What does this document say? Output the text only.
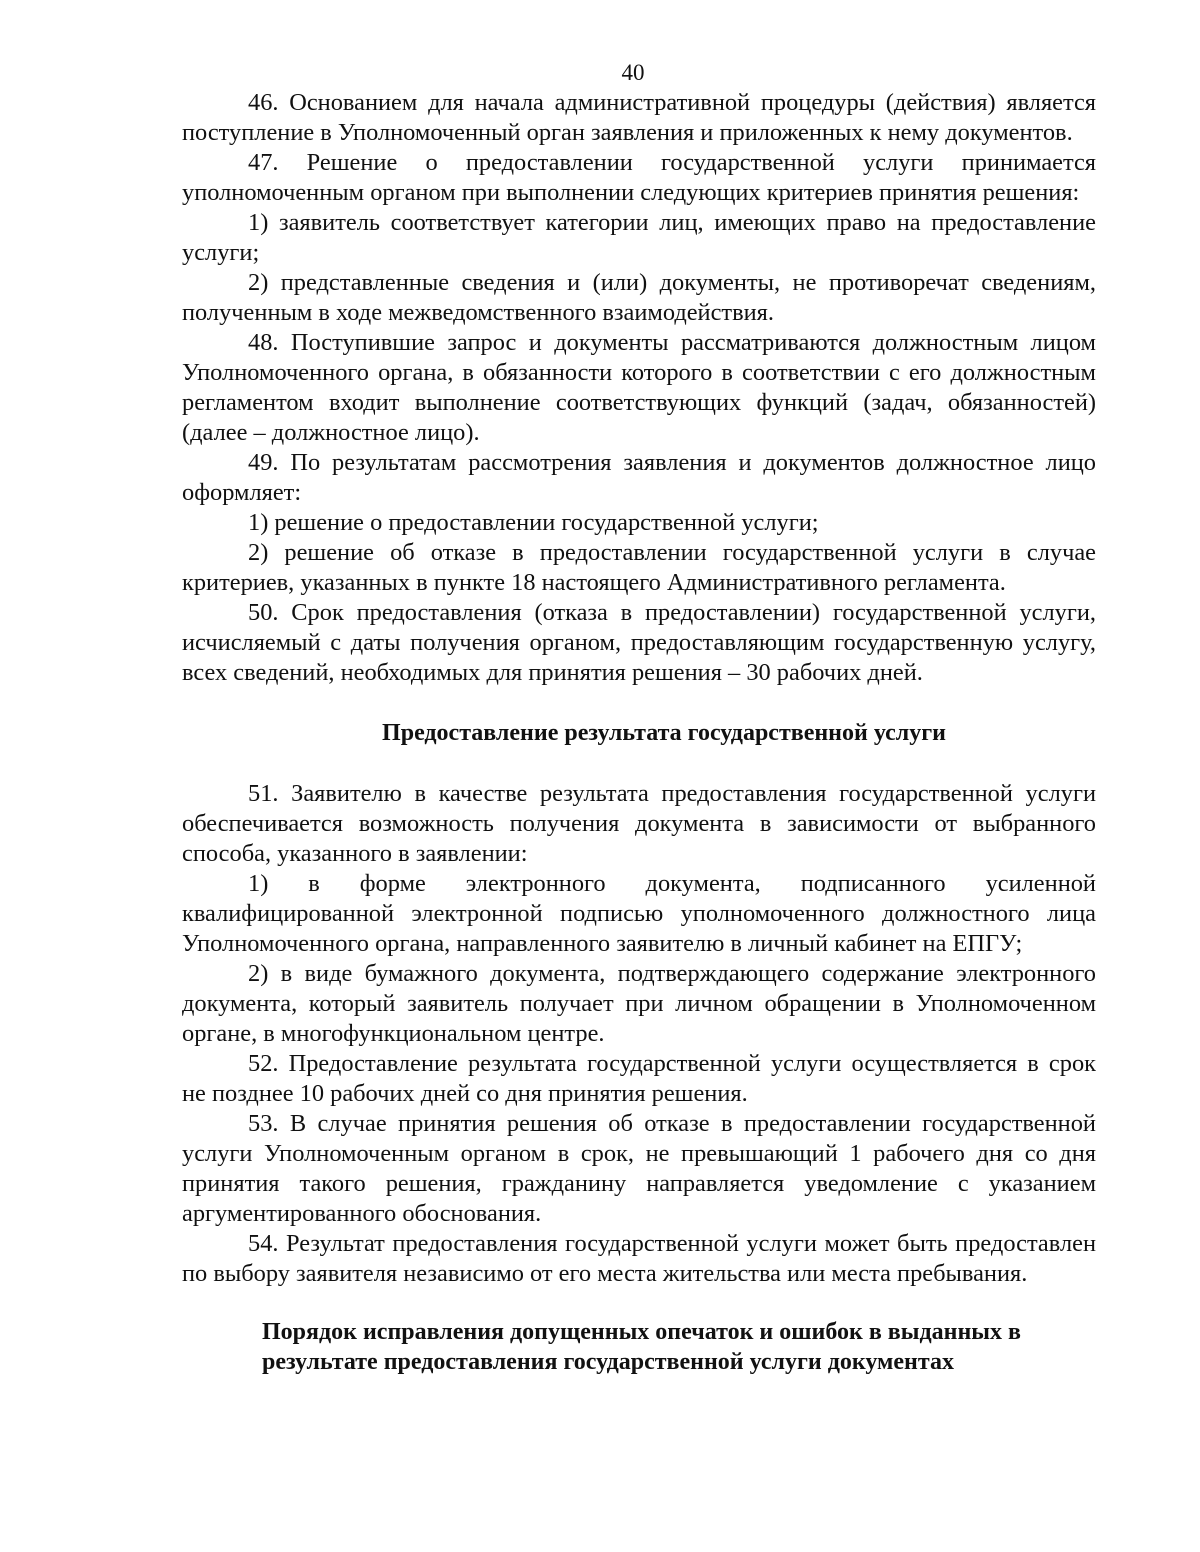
40

46. Основанием для начала административной процедуры (действия) является поступление в Уполномоченный орган заявления и приложенных к нему документов.

47. Решение о предоставлении государственной услуги принимается уполномоченным органом при выполнении следующих критериев принятия решения:

1) заявитель соответствует категории лиц, имеющих право на предоставление услуги;

2) представленные сведения и (или) документы, не противоречат сведениям, полученным в ходе межведомственного взаимодействия.

48. Поступившие запрос и документы рассматриваются должностным лицом Уполномоченного органа, в обязанности которого в соответствии с его должностным регламентом входит выполнение соответствующих функций (задач, обязанностей) (далее – должностное лицо).

49. По результатам рассмотрения заявления и документов должностное лицо оформляет:

1) решение о предоставлении государственной услуги;

2) решение об отказе в предоставлении государственной услуги в случае критериев, указанных в пункте 18 настоящего Административного регламента.

50. Срок предоставления (отказа в предоставлении) государственной услуги, исчисляемый с даты получения органом, предоставляющим государственную услугу, всех сведений, необходимых для принятия решения – 30 рабочих дней.

Предоставление результата государственной услуги

51. Заявителю в качестве результата предоставления государственной услуги обеспечивается возможность получения документа в зависимости от выбранного способа, указанного в заявлении:

1) в форме электронного документа, подписанного усиленной квалифицированной электронной подписью уполномоченного должностного лица Уполномоченного органа, направленного заявителю в личный кабинет на ЕПГУ;

2) в виде бумажного документа, подтверждающего содержание электронного документа, который заявитель получает при личном обращении в Уполномоченном органе, в многофункциональном центре.

52. Предоставление результата государственной услуги осуществляется в срок не позднее 10 рабочих дней со дня принятия решения.

53. В случае принятия решения об отказе в предоставлении государственной услуги Уполномоченным органом в срок, не превышающий 1 рабочего дня со дня принятия такого решения, гражданину направляется уведомление с указанием аргументированного обоснования.

54. Результат предоставления государственной услуги может быть предоставлен по выбору заявителя независимо от его места жительства или места пребывания.

Порядок исправления допущенных опечаток и ошибок в выданных в
результате предоставления государственной услуги документах
